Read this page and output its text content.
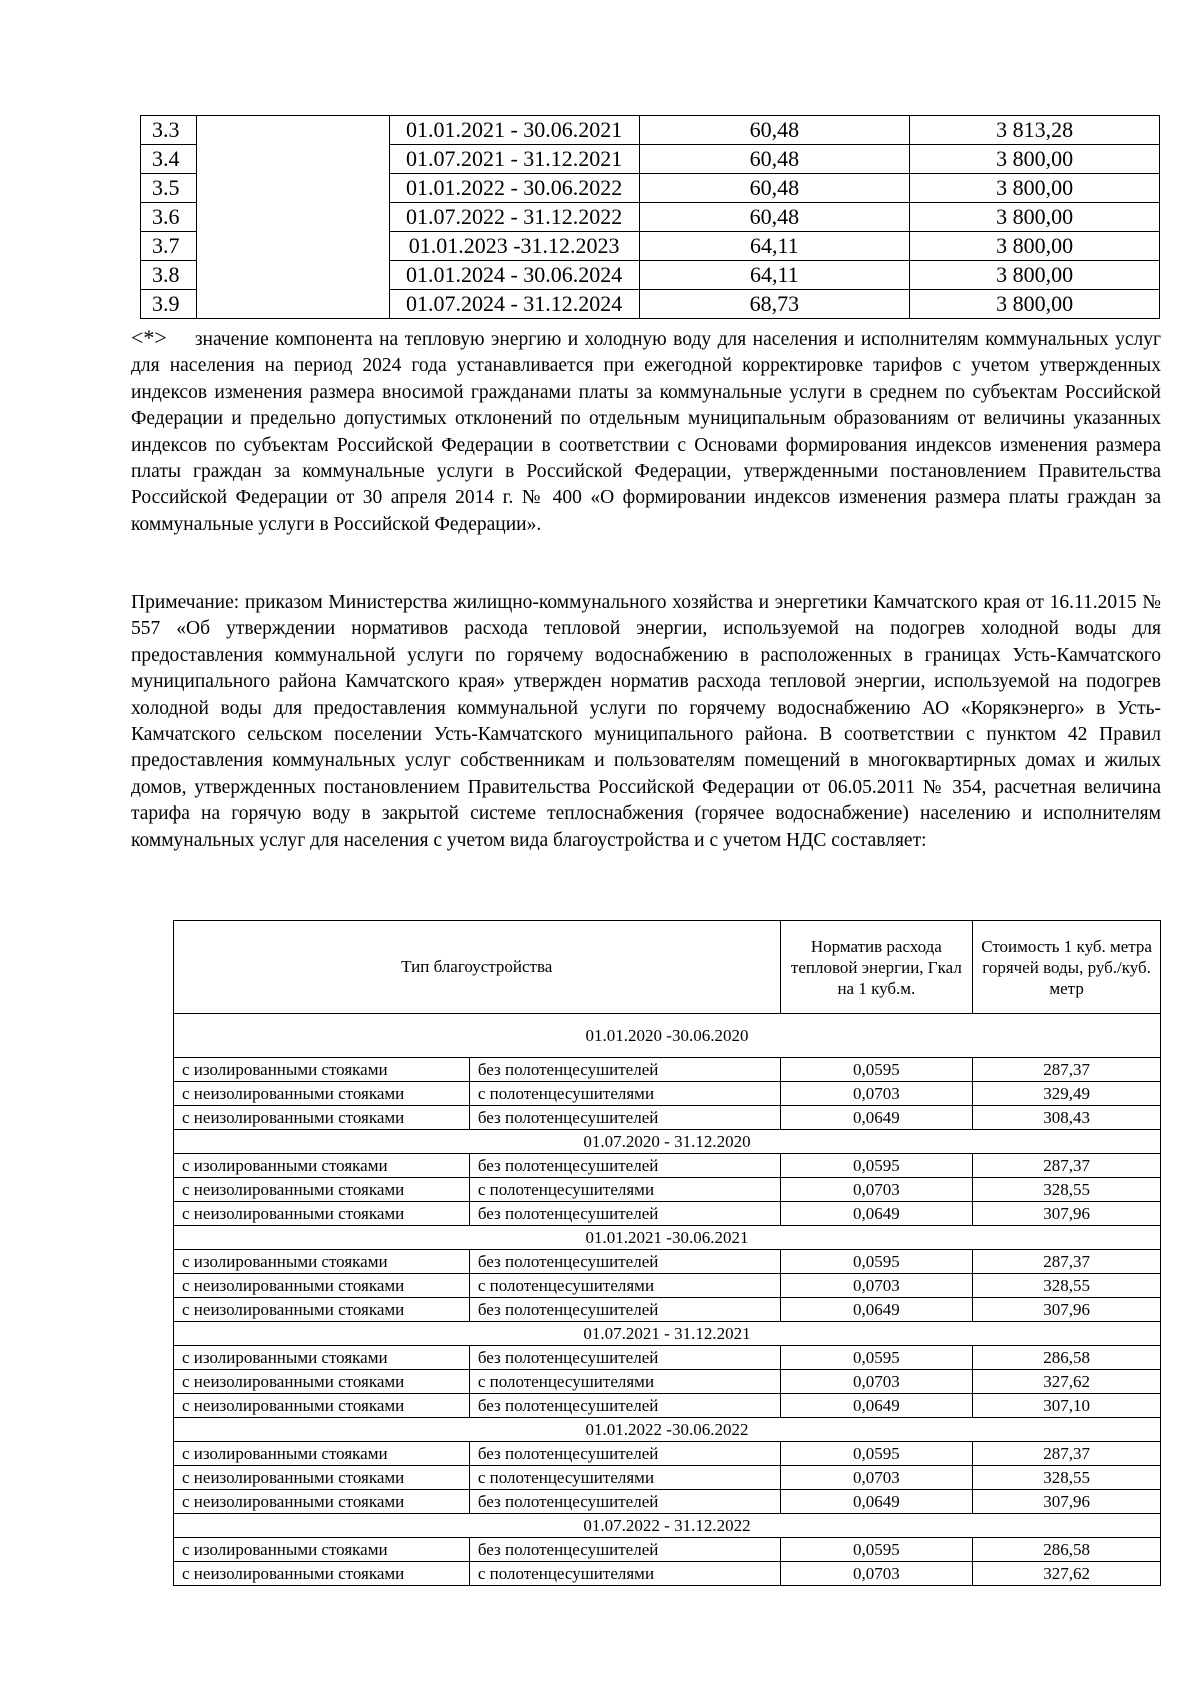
3.3		01.01.2021 - 30.06.2021	60,48	3 813,28
3.4		01.07.2021 - 31.12.2021	60,48	3 800,00
3.5		01.01.2022 - 30.06.2022	60,48	3 800,00
3.6		01.07.2022 - 31.12.2022	60,48	3 800,00
3.7		01.01.2023 -31.12.2023	64,11	3 800,00
3.8		01.01.2024 - 30.06.2024	64,11	3 800,00
3.9		01.07.2024 - 31.12.2024	68,73	3 800,00
<*> значение компонента на тепловую энергию и холодную воду для населения и исполнителям коммунальных услуг для населения на период 2024 года устанавливается при ежегодной корректировке тарифов с учетом утвержденных индексов изменения размера вносимой гражданами платы за коммунальные услуги в среднем по субъектам Российской Федерации и предельно допустимых отклонений по отдельным муниципальным образованиям от величины указанных индексов по субъектам Российской Федерации в соответствии с Основами формирования индексов изменения размера платы граждан за коммунальные услуги в Российской Федерации, утвержденными постановлением Правительства Российской Федерации от 30 апреля 2014 г. № 400 «О формировании индексов изменения размера платы граждан за коммунальные услуги в Российской Федерации».
Примечание: приказом Министерства жилищно-коммунального хозяйства и энергетики Камчатского края от 16.11.2015 № 557 «Об утверждении нормативов расхода тепловой энергии, используемой на подогрев холодной воды для предоставления коммунальной услуги по горячему водоснабжению в расположенных в границах Усть-Камчатского муниципального района Камчатского края» утвержден норматив расхода тепловой энергии, используемой на подогрев холодной воды для предоставления коммунальной услуги по горячему водоснабжению АО «Корякэнерго» в Усть-Камчатского сельском поселении Усть-Камчатского муниципального района. В соответствии с пунктом 42 Правил предоставления коммунальных услуг собственникам и пользователям помещений в многоквартирных домах и жилых домов, утвержденных постановлением Правительства Российской Федерации от 06.05.2011 № 354, расчетная величина тарифа на горячую воду в закрытой системе теплоснабжения (горячее водоснабжение) населению и исполнителям коммунальных услуг для населения с учетом вида благоустройства и с учетом НДС составляет:
Тип благоустройства		Норматив расхода тепловой энергии, Гкал на 1 куб.м.	Стоимость 1 куб. метра горячей воды, руб./куб. метр
01.01.2020 -30.06.2020			
с изолированными стояками	без полотенцесушителей	0,0595	287,37
с неизолированными стояками	с полотенцесушителями	0,0703	329,49
с неизолированными стояками	без полотенцесушителей	0,0649	308,43
01.07.2020 - 31.12.2020			
с изолированными стояками	без полотенцесушителей	0,0595	287,37
с неизолированными стояками	с полотенцесушителями	0,0703	328,55
с неизолированными стояками	без полотенцесушителей	0,0649	307,96
01.01.2021 -30.06.2021			
с изолированными стояками	без полотенцесушителей	0,0595	287,37
с неизолированными стояками	с полотенцесушителями	0,0703	328,55
с неизолированными стояками	без полотенцесушителей	0,0649	307,96
01.07.2021 - 31.12.2021			
с изолированными стояками	без полотенцесушителей	0,0595	286,58
с неизолированными стояками	с полотенцесушителями	0,0703	327,62
с неизолированными стояками	без полотенцесушителей	0,0649	307,10
01.01.2022 -30.06.2022			
с изолированными стояками	без полотенцесушителей	0,0595	287,37
с неизолированными стояками	с полотенцесушителями	0,0703	328,55
с неизолированными стояками	без полотенцесушителей	0,0649	307,96
01.07.2022 - 31.12.2022			
с изолированными стояками	без полотенцесушителей	0,0595	286,58
с неизолированными стояками	с полотенцесушителями	0,0703	327,62
